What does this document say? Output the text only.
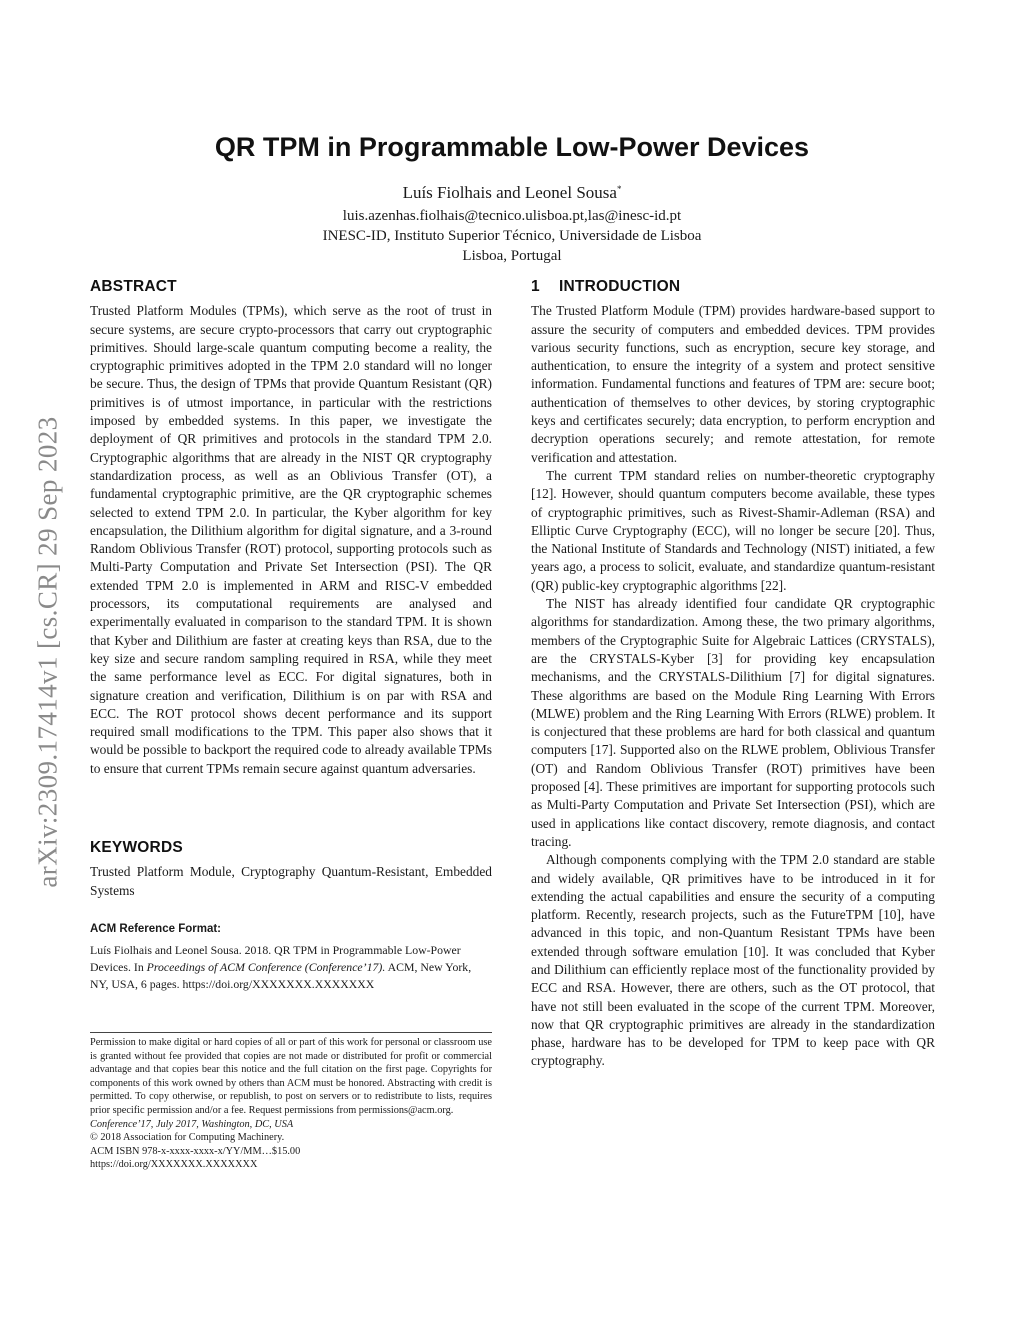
arXiv:2309.17414v1 [cs.CR] 29 Sep 2023
QR TPM in Programmable Low-Power Devices
Luís Fiolhais and Leonel Sousa*
luis.azenhas.fiolhais@tecnico.ulisboa.pt,las@inesc-id.pt
INESC-ID, Instituto Superior Técnico, Universidade de Lisboa
Lisboa, Portugal
ABSTRACT

Trusted Platform Modules (TPMs), which serve as the root of trust in secure systems, are secure crypto-processors that carry out cryptographic primitives. Should large-scale quantum computing become a reality, the cryptographic primitives adopted in the TPM 2.0 standard will no longer be secure. Thus, the design of TPMs that provide Quantum Resistant (QR) primitives is of utmost importance, in particular with the restrictions imposed by embedded systems. In this paper, we investigate the deployment of QR primitives and protocols in the standard TPM 2.0. Cryptographic algorithms that are already in the NIST QR cryptography standardization process, as well as an Oblivious Transfer (OT), a fundamental cryptographic primitive, are the QR cryptographic schemes selected to extend TPM 2.0. In particular, the Kyber algorithm for key encapsulation, the Dilithium algorithm for digital signature, and a 3-round Random Oblivious Transfer (ROT) protocol, supporting protocols such as Multi-Party Computation and Private Set Intersection (PSI). The QR extended TPM 2.0 is implemented in ARM and RISC-V embedded processors, its computational requirements are analysed and experimentally evaluated in comparison to the standard TPM. It is shown that Kyber and Dilithium are faster at creating keys than RSA, due to the key size and secure random sampling required in RSA, while they meet the same performance level as ECC. For digital signatures, both in signature creation and verification, Dilithium is on par with RSA and ECC. The ROT protocol shows decent performance and its support required small modifications to the TPM. This paper also shows that it would be possible to backport the required code to already available TPMs to ensure that current TPMs remain secure against quantum adversaries.

KEYWORDS

Trusted Platform Module, Cryptography Quantum-Resistant, Embedded Systems

ACM Reference Format:

Luís Fiolhais and Leonel Sousa. 2018. QR TPM in Programmable Low-Power Devices. In Proceedings of ACM Conference (Conference’17). ACM, New York, NY, USA, 6 pages. https://doi.org/XXXXXXX.XXXXXXX

Permission to make digital or hard copies of all or part of this work for personal or classroom use is granted without fee provided that copies are not made or distributed for profit or commercial advantage and that copies bear this notice and the full citation on the first page. Copyrights for components of this work owned by others than ACM must be honored. Abstracting with credit is permitted. To copy otherwise, or republish, to post on servers or to redistribute to lists, requires prior specific permission and/or a fee. Request permissions from permissions@acm.org.

Conference’17, July 2017, Washington, DC, USA

© 2018 Association for Computing Machinery.

ACM ISBN 978-x-xxxx-xxxx-x/YY/MM…$15.00

https://doi.org/XXXXXXX.XXXXXXX

1 INTRODUCTION

The Trusted Platform Module (TPM) provides hardware-based support to assure the security of computers and embedded devices. TPM provides various security functions, such as encryption, secure key storage, and authentication, to ensure the integrity of a system and protect sensitive information. Fundamental functions and features of TPM are: secure boot; authentication of themselves to other devices, by storing cryptographic keys and certificates securely; data encryption, to perform encryption and decryption operations securely; and remote attestation, for remote verification and attestation.

The current TPM standard relies on number-theoretic cryptography [12]. However, should quantum computers become available, these types of cryptographic primitives, such as Rivest-Shamir-Adleman (RSA) and Elliptic Curve Cryptography (ECC), will no longer be secure [20]. Thus, the National Institute of Standards and Technology (NIST) initiated, a few years ago, a process to solicit, evaluate, and standardize quantum-resistant (QR) public-key cryptographic algorithms [22].

The NIST has already identified four candidate QR cryptographic algorithms for standardization. Among these, the two primary algorithms, members of the Cryptographic Suite for Algebraic Lattices (CRYSTALS), are the CRYSTALS-Kyber [3] for providing key encapsulation mechanisms, and the CRYSTALS-Dilithium [7] for digital signatures. These algorithms are based on the Module Ring Learning With Errors (MLWE) problem and the Ring Learning With Errors (RLWE) problem. It is conjectured that these problems are hard for both classical and quantum computers [17]. Supported also on the RLWE problem, Oblivious Transfer (OT) and Random Oblivious Transfer (ROT) primitives have been proposed [4]. These primitives are important for supporting protocols such as Multi-Party Computation and Private Set Intersection (PSI), which are used in applications like contact discovery, remote diagnosis, and contact tracing.

Although components complying with the TPM 2.0 standard are stable and widely available, QR primitives have to be introduced in it for extending the actual capabilities and ensure the security of a computing platform. Recently, research projects, such as the FutureTPM [10], have advanced in this topic, and non-Quantum Resistant TPMs have been extended through software emulation [10]. It was concluded that Kyber and Dilithium can efficiently replace most of the functionality provided by ECC and RSA. However, there are others, such as the OT protocol, that have not still been evaluated in the scope of the current TPM. Moreover, now that QR cryptographic primitives are already in the standardization phase, hardware has to be developed for TPM to keep pace with QR cryptography.
